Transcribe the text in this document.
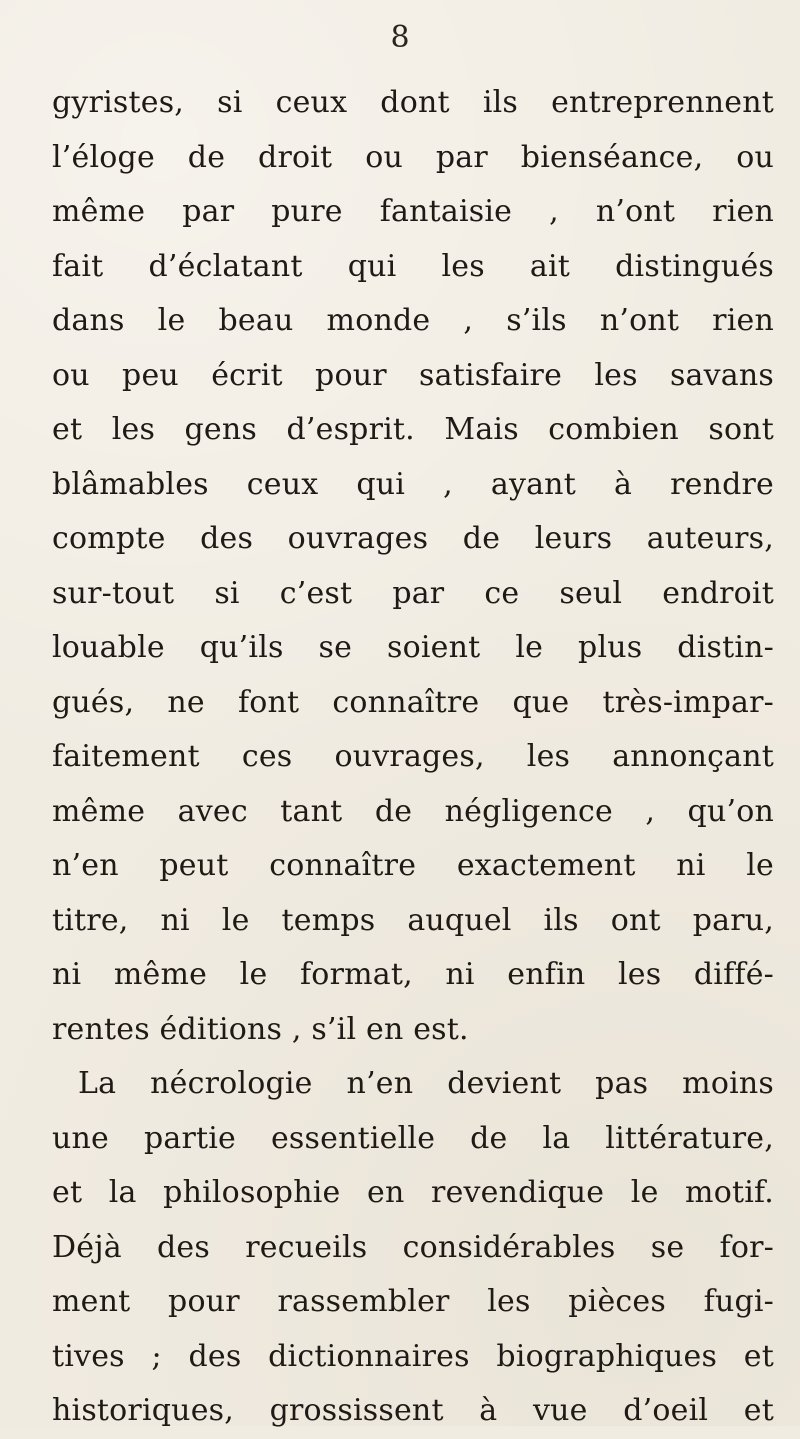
8
gyristes, si ceux dont ils entreprennent
l’éloge de droit ou par bienséance, ou
même par pure fantaisie , n’ont rien
fait d’éclatant qui les ait distingués
dans le beau monde , s’ils n’ont rien
ou peu écrit pour satisfaire les savans
et les gens d’esprit. Mais combien sont
blâmables ceux qui , ayant à rendre
compte des ouvrages de leurs auteurs,
sur-tout si c’est par ce seul endroit
louable qu’ils se soient le plus distin-
gués, ne font connaître que très-impar-
faitement ces ouvrages, les annonçant
même avec tant de négligence , qu’on
n’en peut connaître exactement ni le
titre, ni le temps auquel ils ont paru,
ni même le format, ni enfin les diffé-
rentes éditions , s’il en est.
La nécrologie n’en devient pas moins
une partie essentielle de la littérature,
et la philosophie en revendique le motif.
Déjà des recueils considérables se for-
ment pour rassembler les pièces fugi-
tives ; des dictionnaires biographiques et
historiques, grossissent à vue d’oeil et
